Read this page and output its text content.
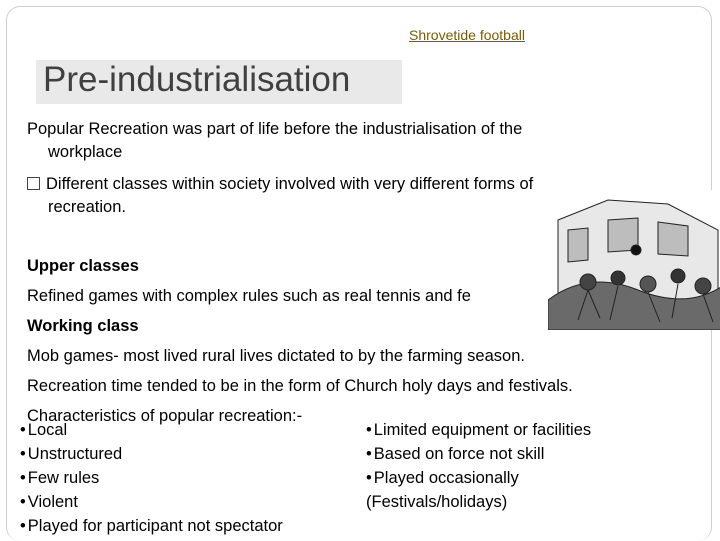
Shrovetide football
Pre-industrialisation
Popular Recreation was part of life before the industrialisation of the
workplace
Different classes within society involved with very different forms of
recreation.
Upper classes
Refined games with complex rules such as real tennis and fe
Working class
Mob games- most lived rural lives dictated to by the farming season.
Recreation time tended to be in the form of Church holy days and festivals.
Characteristics of popular recreation:-
• Local
• Unstructured
• Few rules
• Violent
• Played for participant not spectator
• Limited equipment or facilities
• Based on force not skill
• Played occasionally
(Festivals/holidays)
